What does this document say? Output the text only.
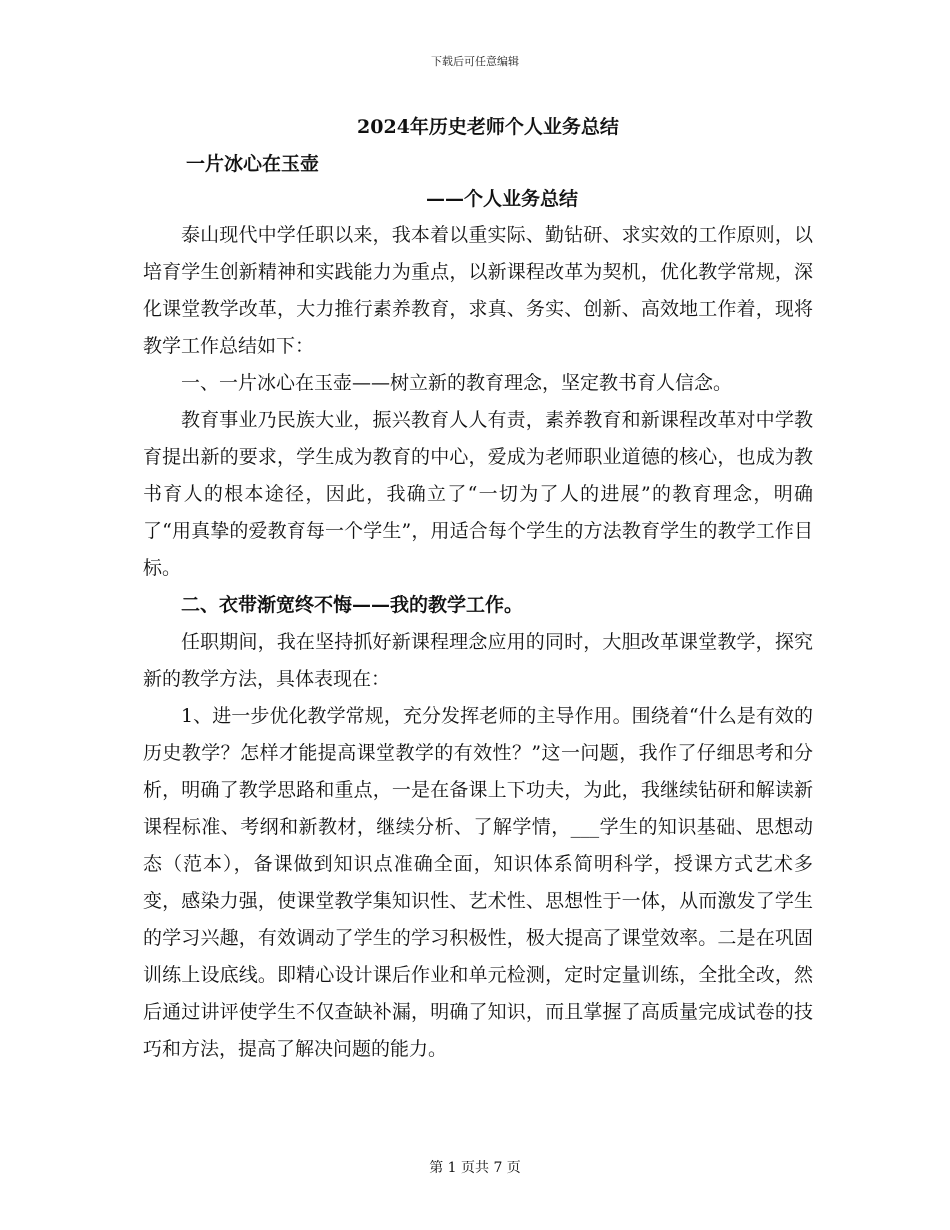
下载后可任意编辑
2024年历史老师个人业务总结
一片冰心在玉壶
——个人业务总结

泰山现代中学任职以来，我本着以重实际、勤钻研、求实效的工作原则，以培育学生创新精神和实践能力为重点，以新课程改革为契机，优化教学常规，深化课堂教学改革，大力推行素养教育，求真、务实、创新、高效地工作着，现将教学工作总结如下：

一、一片冰心在玉壶——树立新的教育理念，坚定教书育人信念。

教育事业乃民族大业，振兴教育人人有责，素养教育和新课程改革对中学教育提出新的要求，学生成为教育的中心，爱成为老师职业道德的核心，也成为教书育人的根本途径，因此，我确立了“一切为了人的进展”的教育理念，明确了“用真挚的爱教育每一个学生”，用适合每个学生的方法教育学生的教学工作目标。

二、衣带渐宽终不悔——我的教学工作。

任职期间，我在坚持抓好新课程理念应用的同时，大胆改革课堂教学，探究新的教学方法，具体表现在：

1、进一步优化教学常规，充分发挥老师的主导作用。围绕着“什么是有效的历史教学？怎样才能提高课堂教学的有效性？”这一问题，我作了仔细思考和分析，明确了教学思路和重点，一是在备课上下功夫，为此，我继续钻研和解读新课程标准、考纲和新教材，继续分析、了解学情，___学生的知识基础、思想动态（范本），备课做到知识点准确全面，知识体系简明科学，授课方式艺术多变，感染力强，使课堂教学集知识性、艺术性、思想性于一体，从而激发了学生的学习兴趣，有效调动了学生的学习积极性，极大提高了课堂效率。二是在巩固训练上设底线。即精心设计课后作业和单元检测，定时定量训练，全批全改，然后通过讲评使学生不仅查缺补漏，明确了知识，而且掌握了高质量完成试卷的技巧和方法，提高了解决问题的能力。

第 1 页共 7 页
